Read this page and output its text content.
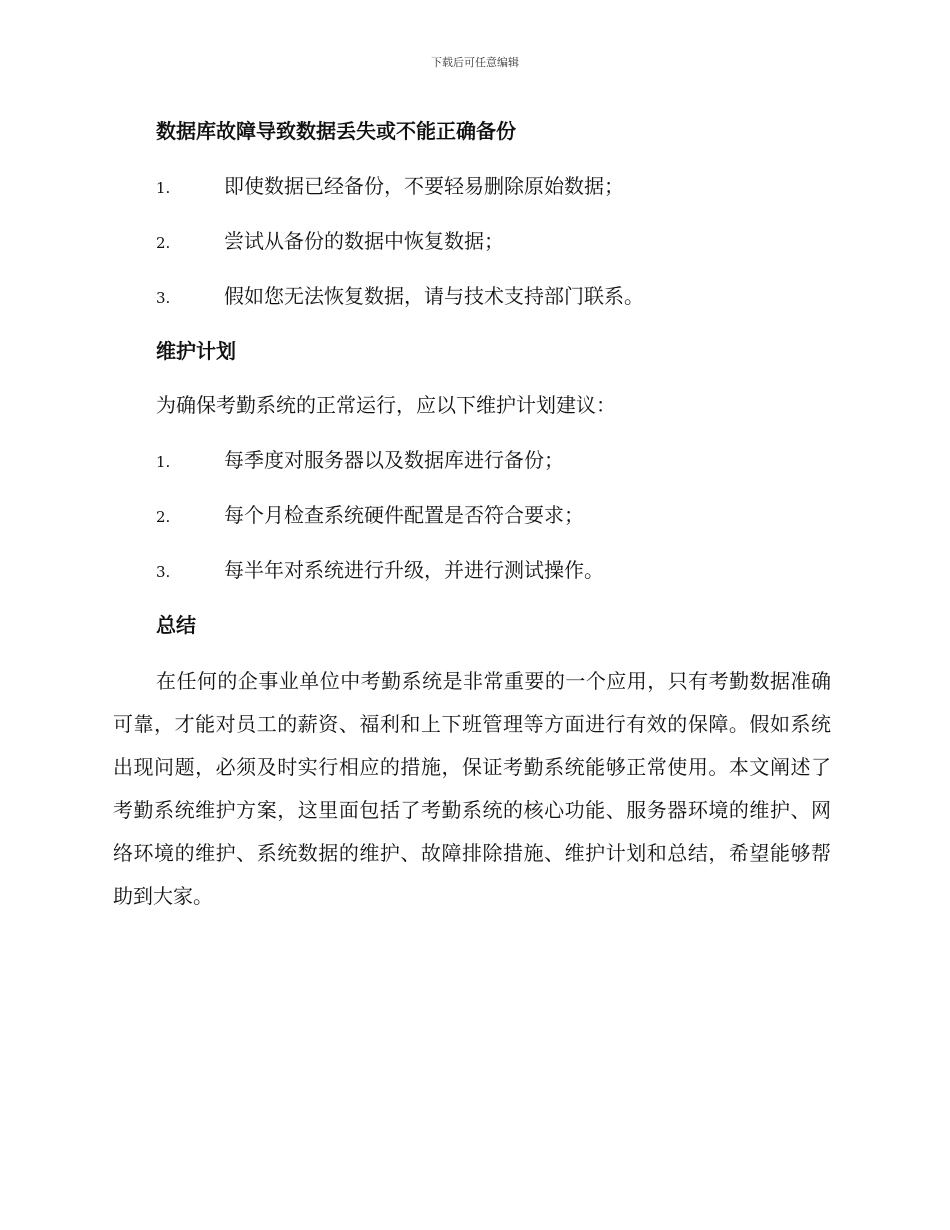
下载后可任意编辑
数据库故障导致数据丢失或不能正确备份
1.	即使数据已经备份，不要轻易删除原始数据；
2.	尝试从备份的数据中恢复数据；
3.	假如您无法恢复数据，请与技术支持部门联系。
维护计划
为确保考勤系统的正常运行，应以下维护计划建议：
1.	每季度对服务器以及数据库进行备份；
2.	每个月检查系统硬件配置是否符合要求；
3.	每半年对系统进行升级，并进行测试操作。
总结

在任何的企事业单位中考勤系统是非常重要的一个应用，只有考勤数据准确可靠，才能对员工的薪资、福利和上下班管理等方面进行有效的保障。假如系统出现问题，必须及时实行相应的措施，保证考勤系统能够正常使用。本文阐述了考勤系统维护方案，这里面包括了考勤系统的核心功能、服务器环境的维护、网络环境的维护、系统数据的维护、故障排除措施、维护计划和总结，希望能够帮助到大家。
